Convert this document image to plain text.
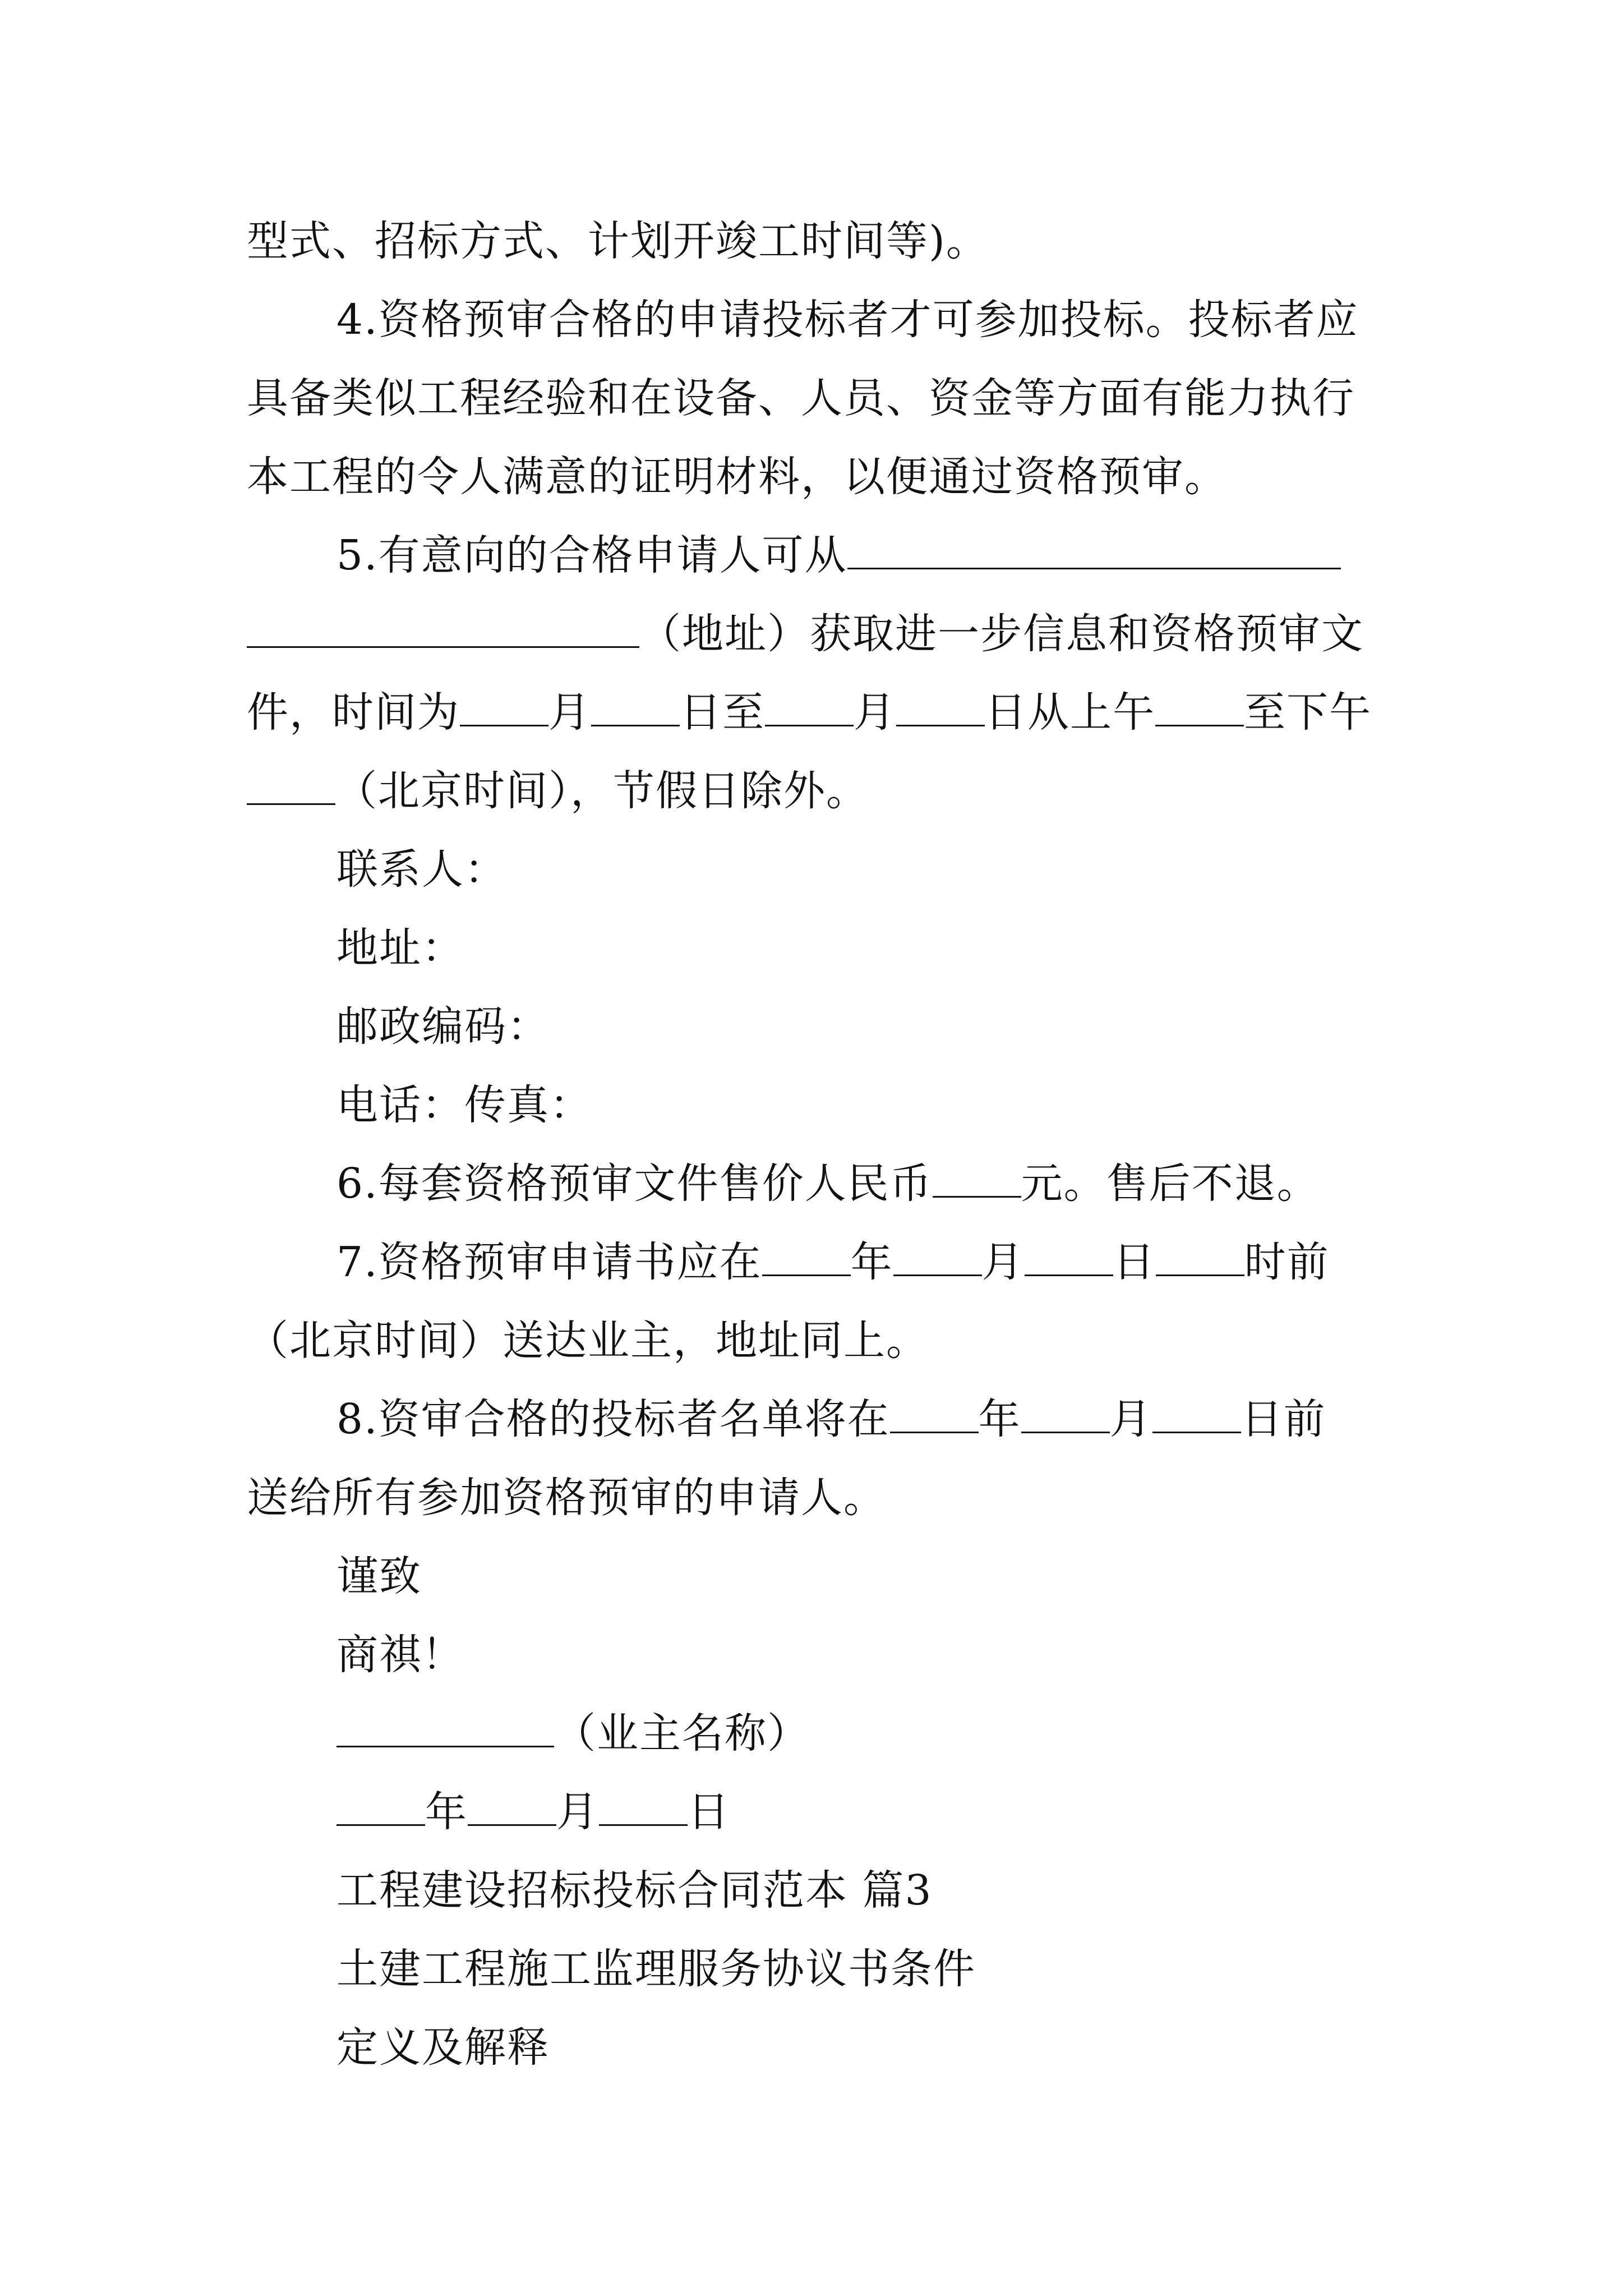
型式、招标方式、计划开竣工时间等)。
4.资格预审合格的申请投标者才可参加投标。投标者应
具备类似工程经验和在设备、人员、资金等方面有能力执行
本工程的令人满意的证明材料，以便通过资格预审。
5.有意向的合格申请人可从
（地址）获取进一步信息和资格预审文
件，时间为 月 日至 月 日从上午 至下午
（北京时间），节假日除外。
联系人：
地址：
邮政编码：
电话：传真：
6.每套资格预审文件售价人民币 元。售后不退。
7.资格预审申请书应在 年 月 日 时前
（北京时间）送达业主，地址同上。
8.资审合格的投标者名单将在 年 月 日前
送给所有参加资格预审的申请人。
谨致
商祺！
（业主名称）
年 月 日
工程建设招标投标合同范本 篇3
土建工程施工监理服务协议书条件
定义及解释
